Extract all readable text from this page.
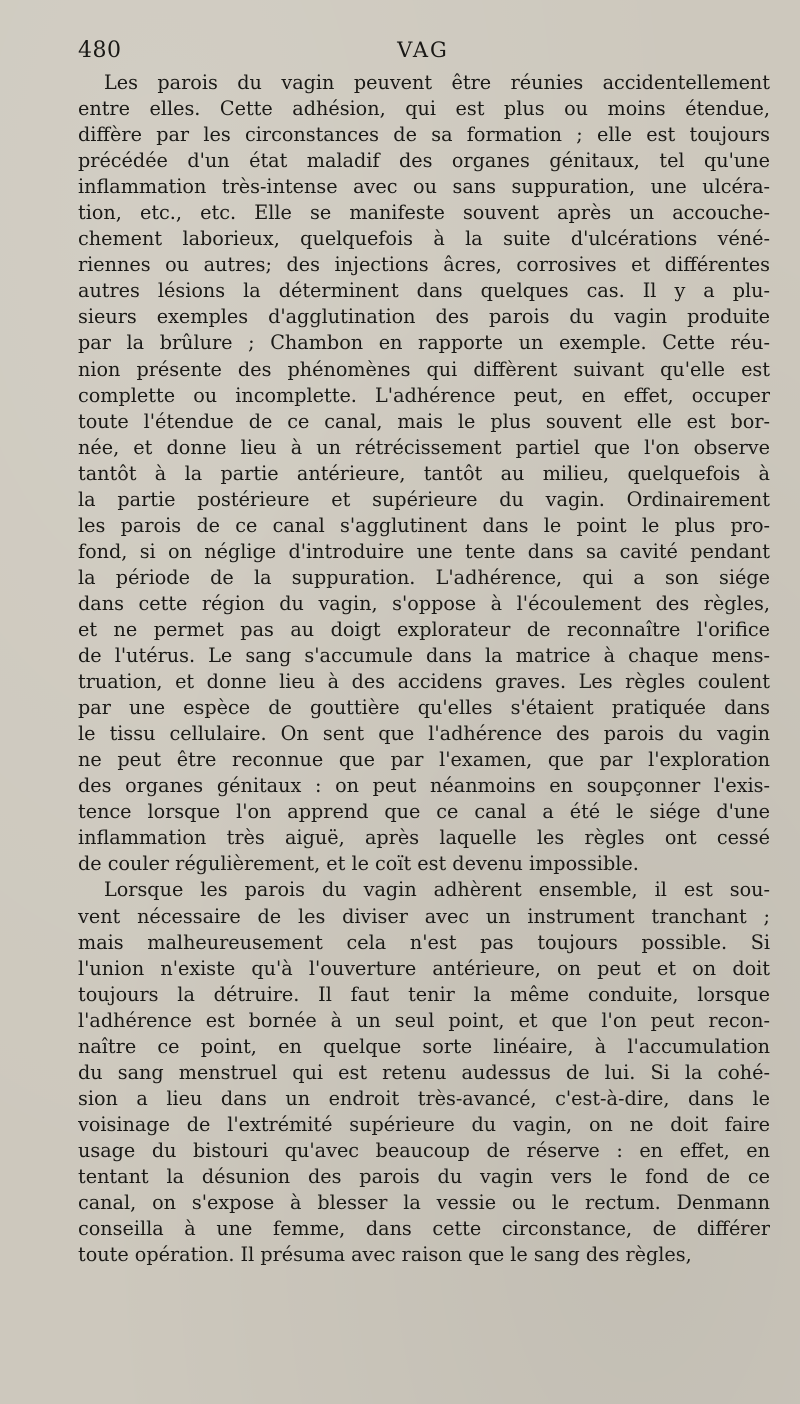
480	VAG
Les parois du vagin peuvent être réunies accidentellement
entre elles. Cette adhésion, qui est plus ou moins étendue,
diffère par les circonstances de sa formation ; elle est toujours
précédée d'un état maladif des organes génitaux, tel qu'une
inflammation très-intense avec ou sans suppuration, une ulcéra-
tion, etc., etc. Elle se manifeste souvent après un accouche-
chement laborieux, quelquefois à la suite d'ulcérations véné-
riennes ou autres; des injections âcres, corrosives et différentes
autres lésions la déterminent dans quelques cas. Il y a plu-
sieurs exemples d'agglutination des parois du vagin produite
par la brûlure ; Chambon en rapporte un exemple. Cette réu-
nion présente des phénomènes qui diffèrent suivant qu'elle est
complette ou incomplette. L'adhérence peut, en effet, occuper
toute l'étendue de ce canal, mais le plus souvent elle est bor-
née, et donne lieu à un rétrécissement partiel que l'on observe
tantôt à la partie antérieure, tantôt au milieu, quelquefois à
la partie postérieure et supérieure du vagin. Ordinairement
les parois de ce canal s'agglutinent dans le point le plus pro-
fond, si on néglige d'introduire une tente dans sa cavité pendant
la période de la suppuration. L'adhérence, qui a son siége
dans cette région du vagin, s'oppose à l'écoulement des règles,
et ne permet pas au doigt explorateur de reconnaître l'orifice
de l'utérus. Le sang s'accumule dans la matrice à chaque mens-
truation, et donne lieu à des accidens graves. Les règles coulent
par une espèce de gouttière qu'elles s'étaient pratiquée dans
le tissu cellulaire. On sent que l'adhérence des parois du vagin
ne peut être reconnue que par l'examen, que par l'exploration
des organes génitaux : on peut néanmoins en soupçonner l'exis-
tence lorsque l'on apprend que ce canal a été le siége d'une
inflammation très aiguë, après laquelle les règles ont cessé
de couler régulièrement, et le coït est devenu impossible.
Lorsque les parois du vagin adhèrent ensemble, il est sou-
vent nécessaire de les diviser avec un instrument tranchant ;
mais malheureusement cela n'est pas toujours possible. Si
l'union n'existe qu'à l'ouverture antérieure, on peut et on doit
toujours la détruire. Il faut tenir la même conduite, lorsque
l'adhérence est bornée à un seul point, et que l'on peut recon-
naître ce point, en quelque sorte linéaire, à l'accumulation
du sang menstruel qui est retenu audessus de lui. Si la cohé-
sion a lieu dans un endroit très-avancé, c'est-à-dire, dans le
voisinage de l'extrémité supérieure du vagin, on ne doit faire
usage du bistouri qu'avec beaucoup de réserve : en effet, en
tentant la désunion des parois du vagin vers le fond de ce
canal, on s'expose à blesser la vessie ou le rectum. Denmann
conseilla à une femme, dans cette circonstance, de différer
toute opération. Il présuma avec raison que le sang des règles,
